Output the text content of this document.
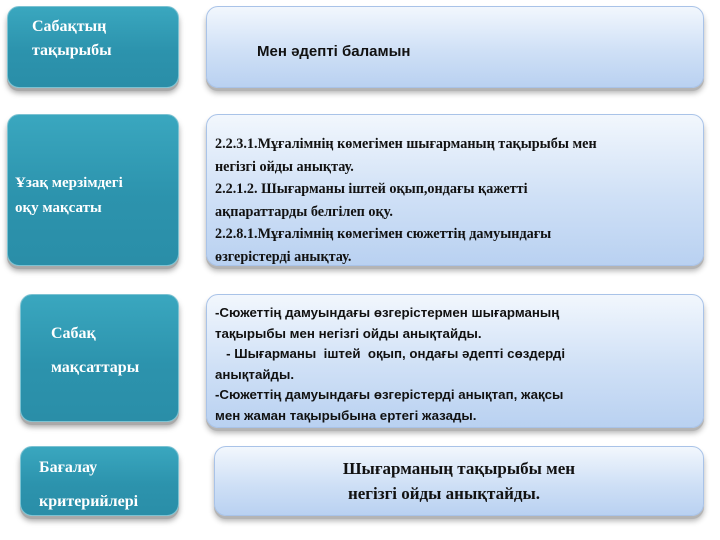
Сабақтың
тақырыбы	Мен әдепті баламын
Ұзақ мерзімдегі
оқу мақсаты
2.2.3.1.Мұғалімнің көмегімен шығарманың тақырыбы мен
негізгі ойды анықтау.
2.2.1.2. Шығарманы іштей оқып,ондағы қажетті
ақпараттарды белгілеп оқу.
2.2.8.1.Мұғалімнің көмегімен сюжеттің дамуындағы
өзгерістерді анықтау.
Сабақ
мақсаттары
-Сюжеттің дамуындағы өзгерістермен шығарманың
тақырыбы мен негізгі ойды анықтайды.
- Шығарманы  іштей  оқып, ондағы әдепті сөздерді
анықтайды.
-Сюжеттің дамуындағы өзгерістерді анықтап, жақсы
мен жаман тақырыбына ертегі жазады.
Бағалау
критерийлері
Шығарманың тақырыбы мен
негізгі ойды анықтайды.
